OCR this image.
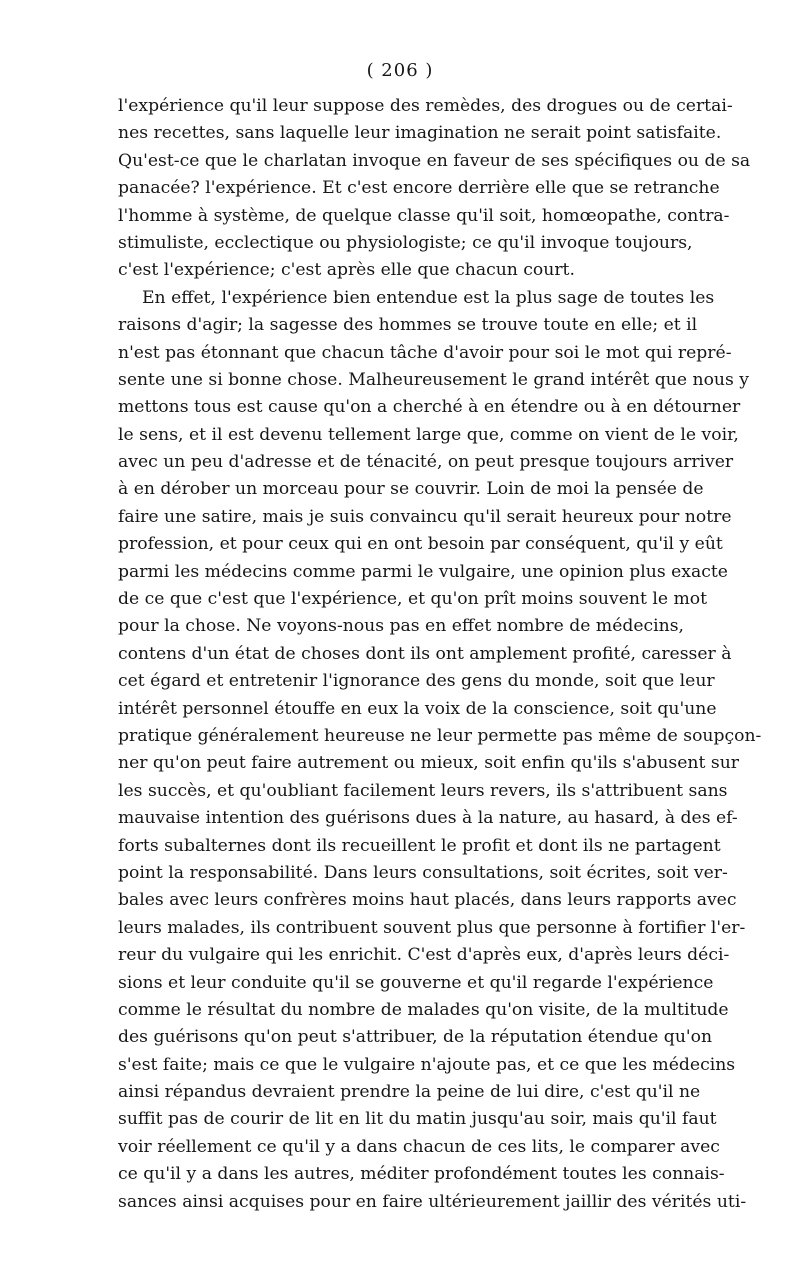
( 206 )
l'expérience qu'il leur suppose des remèdes, des drogues ou de certai-
nes recettes, sans laquelle leur imagination ne serait point satisfaite.
Qu'est-ce que le charlatan invoque en faveur de ses spécifiques ou de sa
panacée? l'expérience. Et c'est encore derrière elle que se retranche
l'homme à système, de quelque classe qu'il soit, homœopathe, contra-
stimuliste, ecclectique ou physiologiste; ce qu'il invoque toujours,
c'est l'expérience; c'est après elle que chacun court.
En effet, l'expérience bien entendue est la plus sage de toutes les
raisons d'agir; la sagesse des hommes se trouve toute en elle; et il
n'est pas étonnant que chacun tâche d'avoir pour soi le mot qui repré-
sente une si bonne chose. Malheureusement le grand intérêt que nous y
mettons tous est cause qu'on a cherché à en étendre ou à en détourner
le sens, et il est devenu tellement large que, comme on vient de le voir,
avec un peu d'adresse et de ténacité, on peut presque toujours arriver
à en dérober un morceau pour se couvrir. Loin de moi la pensée de
faire une satire, mais je suis convaincu qu'il serait heureux pour notre
profession, et pour ceux qui en ont besoin par conséquent, qu'il y eût
parmi les médecins comme parmi le vulgaire, une opinion plus exacte
de ce que c'est que l'expérience, et qu'on prît moins souvent le mot
pour la chose. Ne voyons-nous pas en effet nombre de médecins,
contens d'un état de choses dont ils ont amplement profité, caresser à
cet égard et entretenir l'ignorance des gens du monde, soit que leur
intérêt personnel étouffe en eux la voix de la conscience, soit qu'une
pratique généralement heureuse ne leur permette pas même de soupçon-
ner qu'on peut faire autrement ou mieux, soit enfin qu'ils s'abusent sur
les succès, et qu'oubliant facilement leurs revers, ils s'attribuent sans
mauvaise intention des guérisons dues à la nature, au hasard, à des ef-
forts subalternes dont ils recueillent le profit et dont ils ne partagent
point la responsabilité. Dans leurs consultations, soit écrites, soit ver-
bales avec leurs confrères moins haut placés, dans leurs rapports avec
leurs malades, ils contribuent souvent plus que personne à fortifier l'er-
reur du vulgaire qui les enrichit. C'est d'après eux, d'après leurs déci-
sions et leur conduite qu'il se gouverne et qu'il regarde l'expérience
comme le résultat du nombre de malades qu'on visite, de la multitude
des guérisons qu'on peut s'attribuer, de la réputation étendue qu'on
s'est faite; mais ce que le vulgaire n'ajoute pas, et ce que les médecins
ainsi répandus devraient prendre la peine de lui dire, c'est qu'il ne
suffit pas de courir de lit en lit du matin jusqu'au soir, mais qu'il faut
voir réellement ce qu'il y a dans chacun de ces lits, le comparer avec
ce qu'il y a dans les autres, méditer profondément toutes les connais-
sances ainsi acquises pour en faire ultérieurement jaillir des vérités uti-
